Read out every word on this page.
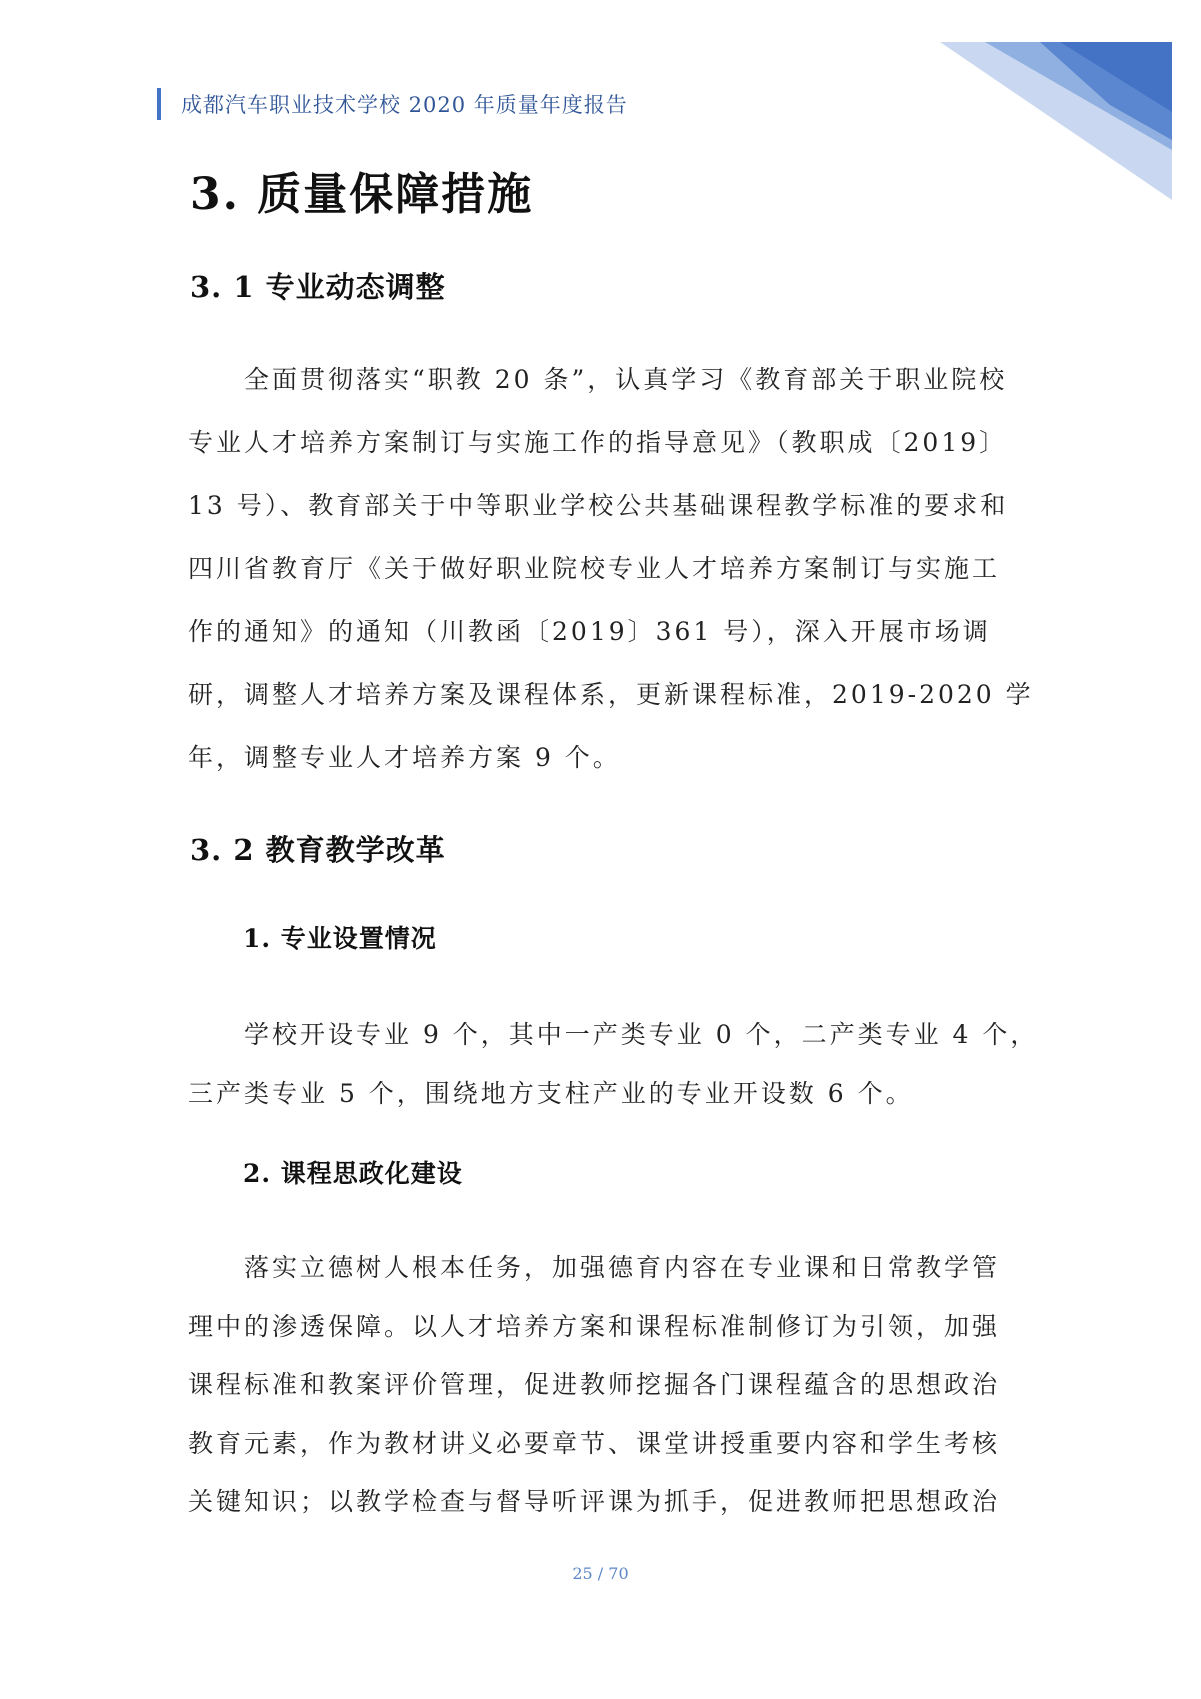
成都汽车职业技术学校 2020 年质量年度报告
3. 质量保障措施
3. 1 专业动态调整
　　全面贯彻落实“职教 20 条”，认真学习《教育部关于职业院校
专业人才培养方案制订与实施工作的指导意见》（教职成〔2019〕
13 号）、教育部关于中等职业学校公共基础课程教学标准的要求和
四川省教育厅《关于做好职业院校专业人才培养方案制订与实施工
作的通知》的通知（川教函〔2019〕361 号），深入开展市场调
研，调整人才培养方案及课程体系，更新课程标准，2019-2020 学
年，调整专业人才培养方案 9 个。
3. 2 教育教学改革
1. 专业设置情况
　　学校开设专业 9 个，其中一产类专业 0 个，二产类专业 4 个，
三产类专业 5 个，围绕地方支柱产业的专业开设数 6 个。
2. 课程思政化建设
　　落实立德树人根本任务，加强德育内容在专业课和日常教学管
理中的渗透保障。以人才培养方案和课程标准制修订为引领，加强
课程标准和教案评价管理，促进教师挖掘各门课程蕴含的思想政治
教育元素，作为教材讲义必要章节、课堂讲授重要内容和学生考核
关键知识；以教学检查与督导听评课为抓手，促进教师把思想政治
25 / 70
